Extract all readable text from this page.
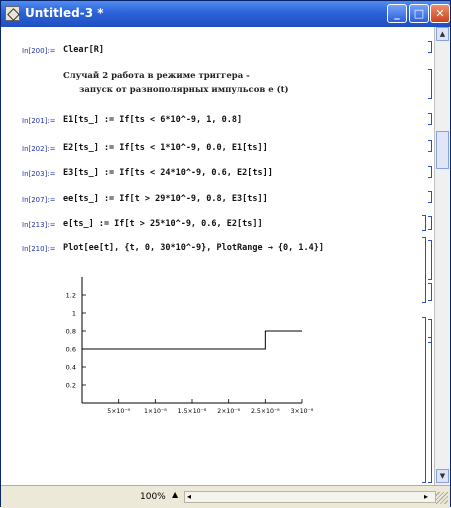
Untitled-3 *	_	□	✕
In[200]:= Clear[R]
Случай 2 работа в режиме триггера -
запуск от разнополярных импульсов e (t)
In[201]:= E1[ts_] := If[ts < 6*10^-9, 1, 0.8]
In[202]:= E2[ts_] := If[ts < 1*10^-9, 0.0, E1[ts]]
In[203]:= E3[ts_] := If[ts < 24*10^-9, 0.6, E2[ts]]
In[207]:= ee[ts_] := If[t > 29*10^-9, 0.8, E3[ts]]
In[213]:= e[ts_] := If[t > 25*10^-9, 0.6, E2[ts]]
In[210]:= Plot[ee[t], {t, 0, 30*10^-9}, PlotRange → {0, 1.4}]
0.2
0.4
0.6
0.8
1
1.2
5×10⁻⁹ 1×10⁻⁸ 1.5×10⁻⁸ 2×10⁻⁸ 2.5×10⁻⁸ 3×10⁻⁸
▲
▼
100% ▲ ◂	▸
